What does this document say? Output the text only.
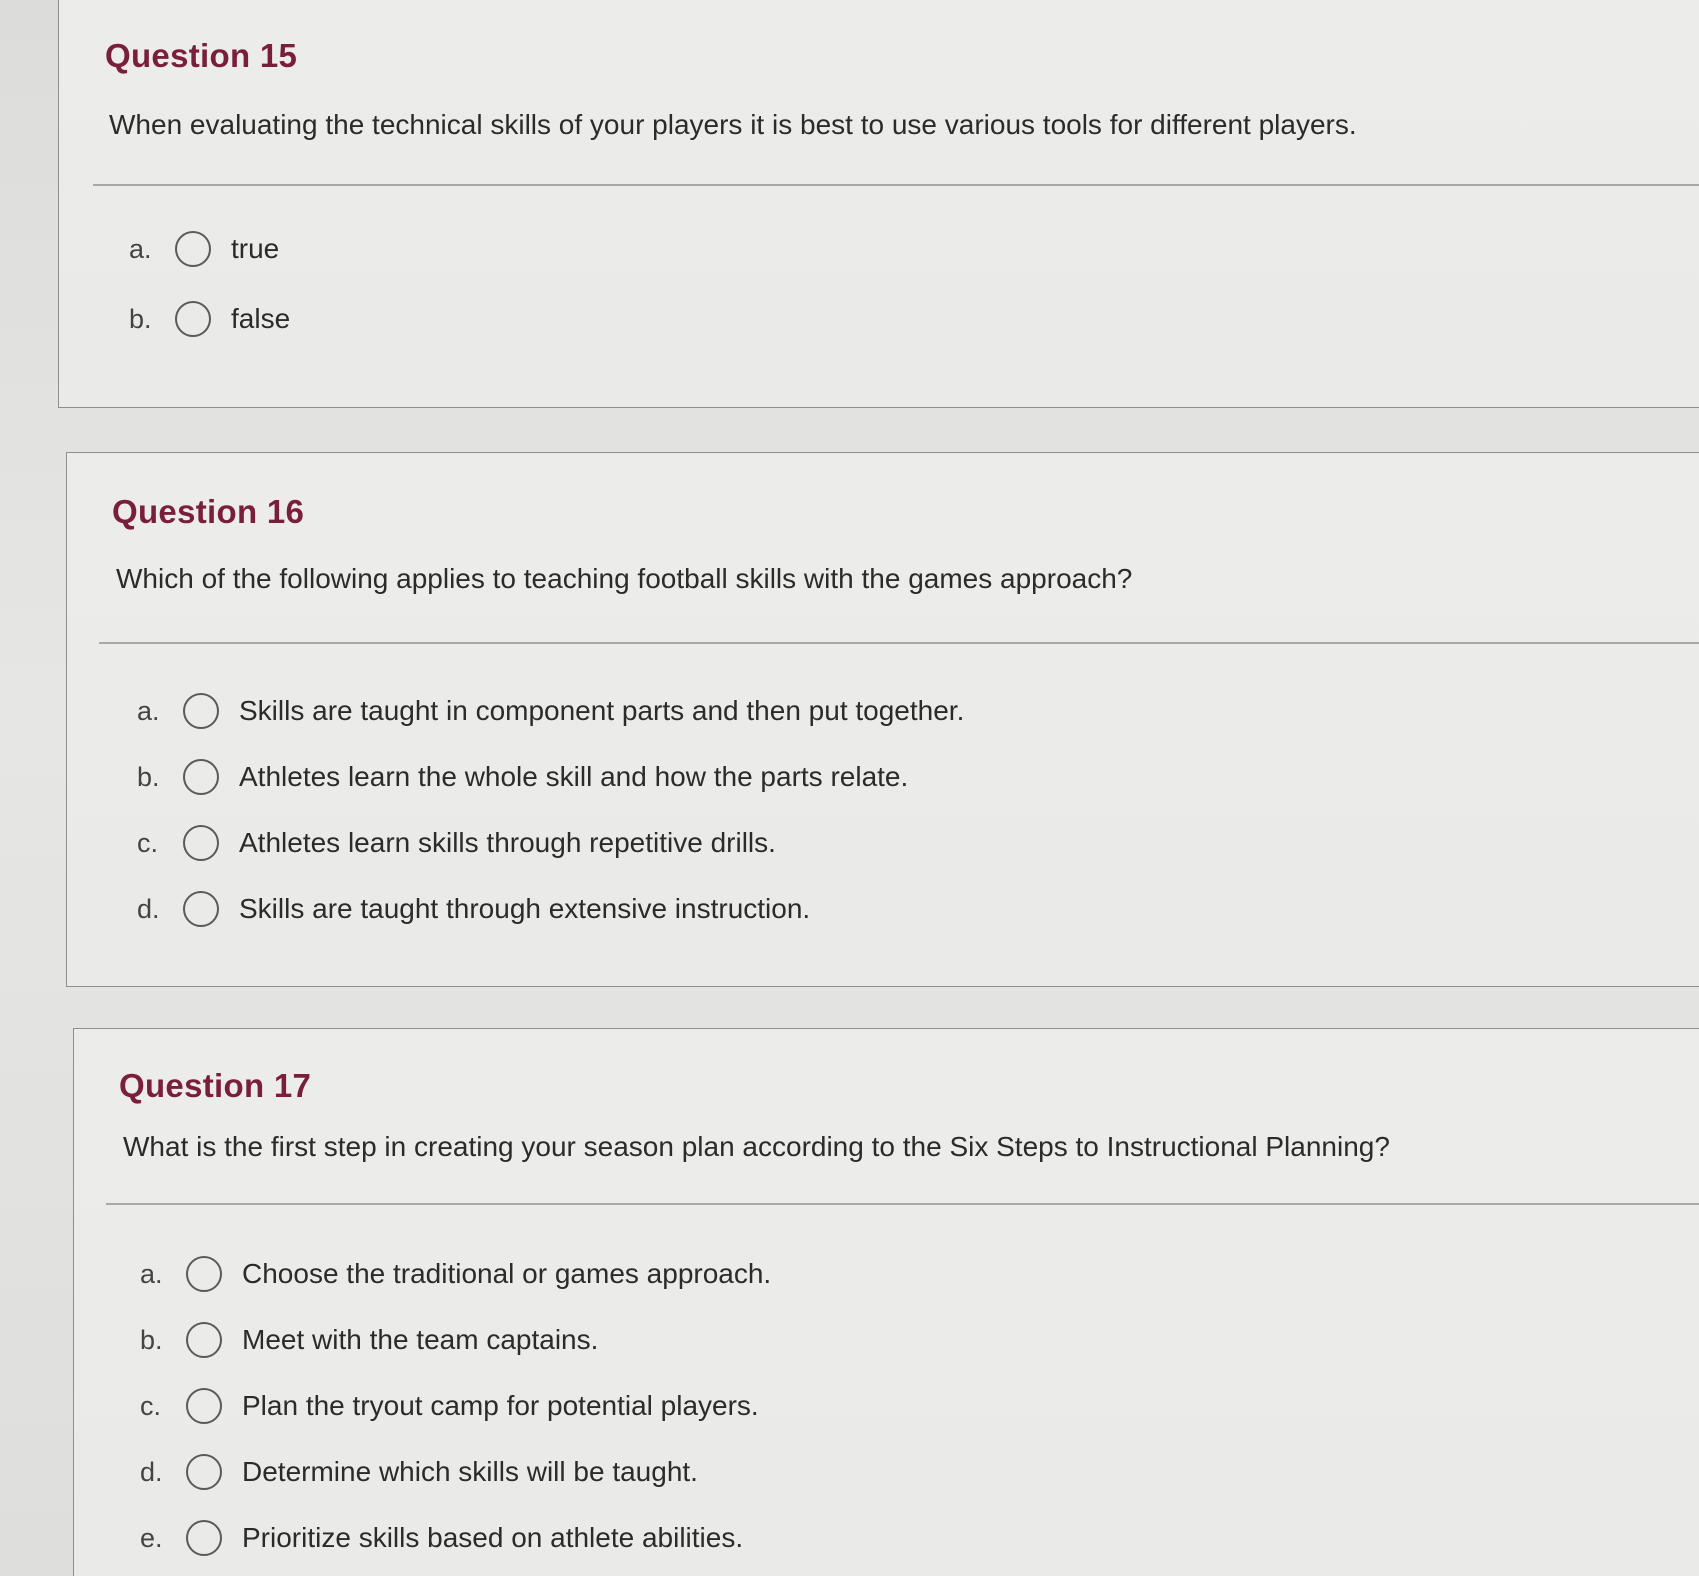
Question 15
When evaluating the technical skills of your players it is best to use various tools for different players.
a.	true
b.	false
Question 16
Which of the following applies to teaching football skills with the games approach?
a.	Skills are taught in component parts and then put together.
b.	Athletes learn the whole skill and how the parts relate.
c.	Athletes learn skills through repetitive drills.
d.	Skills are taught through extensive instruction.
Question 17
What is the first step in creating your season plan according to the Six Steps to Instructional Planning?
a.	Choose the traditional or games approach.
b.	Meet with the team captains.
c.	Plan the tryout camp for potential players.
d.	Determine which skills will be taught.
e.	Prioritize skills based on athlete abilities.
